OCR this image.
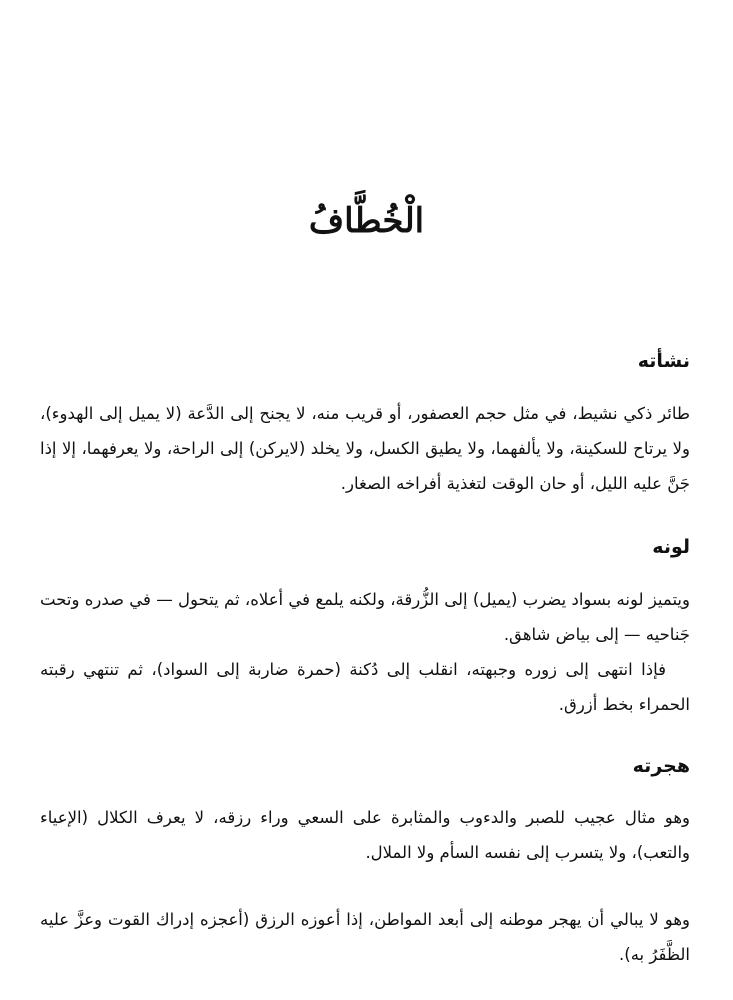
الْخُطَّافُ
نشأته

طائر ذكي نشيط، في مثل حجم العصفور، أو قريب منه، لا يجنح إلى الدَّعة (لا يميل إلى الهدوء)، ولا يرتاح للسكينة، ولا يألفهما، ولا يطيق الكسل، ولا يخلد (لايركن) إلى الراحة، ولا يعرفهما، إلا إذا جَنَّ عليه الليل، أو حان الوقت لتغذية أفراخه الصغار.

لونه

ويتميز لونه بسواد يضرب (يميل) إلى الزُّرقة، ولكنه يلمع في أعلاه، ثم يتحول — في صدره وتحت جَناحيه — إلى بياض شاهق.

فإذا انتهى إلى زوره وجبهته، انقلب إلى دُكنة (حمرة ضاربة إلى السواد)، ثم تنتهي رقبته الحمراء بخط أزرق.

هجرته

وهو مثال عجيب للصبر والدءوب والمثابرة على السعي وراء رزقه، لا يعرف الكلال (الإعياء والتعب)، ولا يتسرب إلى نفسه السأم ولا الملال.

وهو لا يبالي أن يهجر موطنه إلى أبعد المواطن، إذا أعوزه الرزق (أعجزه إدراك القوت وعزَّ عليه الظَّفَرُ به).
